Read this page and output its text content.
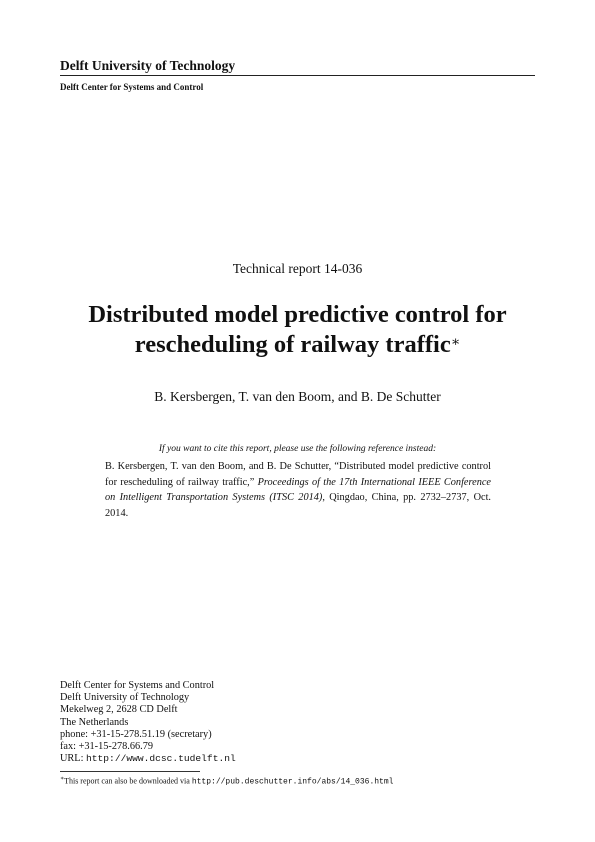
Delft University of Technology
Delft Center for Systems and Control
Technical report 14-036
Distributed model predictive control for
rescheduling of railway traffic∗
B. Kersbergen, T. van den Boom, and B. De Schutter
If you want to cite this report, please use the following reference instead:
B. Kersbergen, T. van den Boom, and B. De Schutter, “Distributed model predictive control for rescheduling of railway traffic,” Proceedings of the 17th International IEEE Conference on Intelligent Transportation Systems (ITSC 2014), Qingdao, China, pp. 2732–2737, Oct. 2014.
Delft Center for Systems and Control
Delft University of Technology
Mekelweg 2, 2628 CD Delft
The Netherlands
phone: +31-15-278.51.19 (secretary)
fax: +31-15-278.66.79
URL: http://www.dcsc.tudelft.nl
∗This report can also be downloaded via http://pub.deschutter.info/abs/14_036.html
